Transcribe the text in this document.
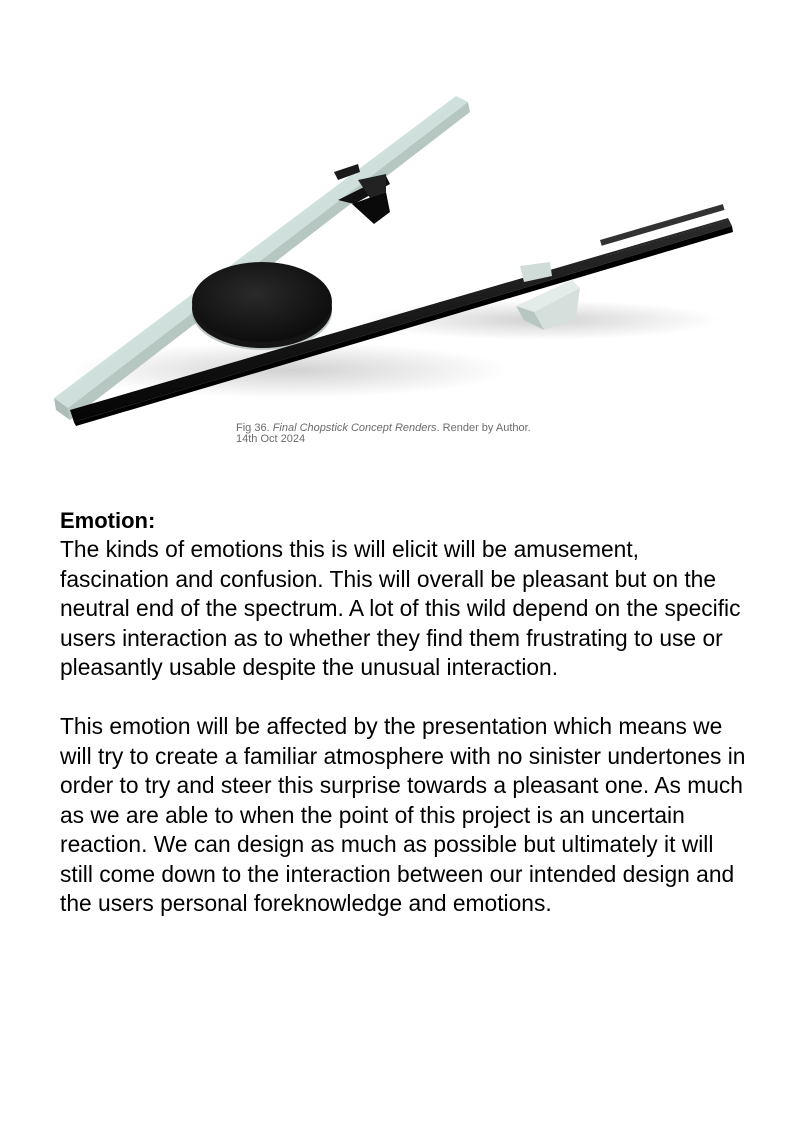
Fig 36. Final Chopstick Concept Renders. Render by Author. 14th Oct 2024
Emotion:

The kinds of emotions this is will elicit will be amusement, fascination and confusion. This will overall be pleasant but on the neutral end of the spectrum. A lot of this wild depend on the specific users interaction as to whether they find them frustrating to use or pleasantly usable despite the unusual interaction.

This emotion will be affected by the presentation which means we will try to create a familiar atmosphere with no sinister undertones in order to try and steer this surprise towards a pleasant one. As much as we are able to when the point of this project is an uncertain reaction. We can design as much as possible but ultimately it will still come down to the interaction between our intended design and the users personal foreknowledge and emotions.
